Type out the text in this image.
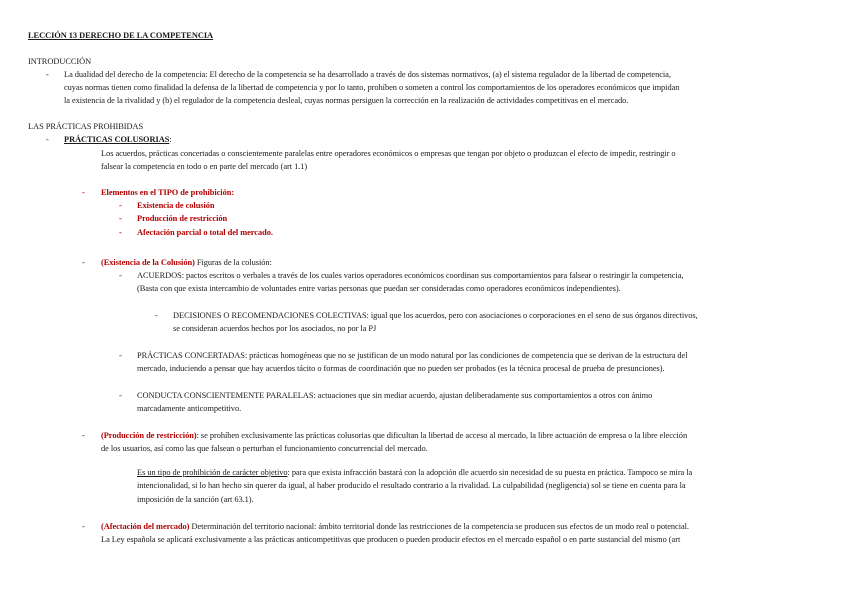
LECCIÓN 13 DERECHO DE LA COMPETENCIA
INTRODUCCIÓN
- La dualidad del derecho de la competencia: El derecho de la competencia se ha desarrollado a través de dos sistemas normativos, (a) el sistema regulador de la libertad de competencia,
cuyas normas tienen como finalidad la defensa de la libertad de competencia y por lo tanto, prohíben o someten a control los comportamientos de los operadores económicos que impidan
la existencia de la rivalidad y (b) el regulador de la competencia desleal, cuyas normas persiguen la corrección en la realización de actividades competitivas en el mercado.
LAS PRÁCTICAS PROHIBIDAS
- PRÁCTICAS COLUSORIAS:
Los acuerdos, prácticas concertadas o conscientemente paralelas entre operadores económicos o empresas que tengan por objeto o produzcan el efecto de impedir, restringir o
falsear la competencia en todo o en parte del mercado (art 1.1)
- Elementos en el TIPO de prohibición:
- Existencia de colusión
- Producción de restricción
- Afectación parcial o total del mercado.
- (Existencia de la Colusión) Figuras de la colusión:
- ACUERDOS: pactos escritos o verbales a través de los cuales varios operadores económicos coordinan sus comportamientos para falsear o restringir la competencia,
(Basta con que exista intercambio de voluntades entre varias personas que puedan ser consideradas como operadores económicos independientes).
- DECISIONES O RECOMENDACIONES COLECTIVAS: igual que los acuerdos, pero con asociaciones o corporaciones en el seno de sus órganos directivos,
se consideran acuerdos hechos por los asociados, no por la PJ
- PRÁCTICAS CONCERTADAS: prácticas homogéneas que no se justifican de un modo natural por las condiciones de competencia que se derivan de la estructura del
mercado, induciendo a pensar que hay acuerdos tácito o formas de coordinación que no pueden ser probados (es la técnica procesal de prueba de presunciones).
- CONDUCTA CONSCIENTEMENTE PARALELAS: actuaciones que sin mediar acuerdo, ajustan deliberadamente sus comportamientos a otros con ánimo
marcadamente anticompetitivo.
- (Producción de restricción): se prohíben exclusivamente las prácticas colusorias que dificultan la libertad de acceso al mercado, la libre actuación de empresa o la libre elección
de los usuarios, así como las que falsean o perturban el funcionamiento concurrencial del mercado.
Es un tipo de prohibición de carácter objetivo: para que exista infracción bastará con la adopción dle acuerdo sin necesidad de su puesta en práctica. Tampoco se mira la
intencionalidad, si lo han hecho sin querer da igual, al haber producido el resultado contrario a la rivalidad. La culpabilidad (negligencia) sol se tiene en cuenta para la
imposición de la sanción (art 63.1).
- (Afectación del mercado) Determinación del territorio nacional: ámbito territorial donde las restricciones de la competencia se producen sus efectos de un modo real o potencial.
La Ley española se aplicará exclusivamente a las prácticas anticompetitivas que producen o pueden producir efectos en el mercado español o en parte sustancial del mismo (art
